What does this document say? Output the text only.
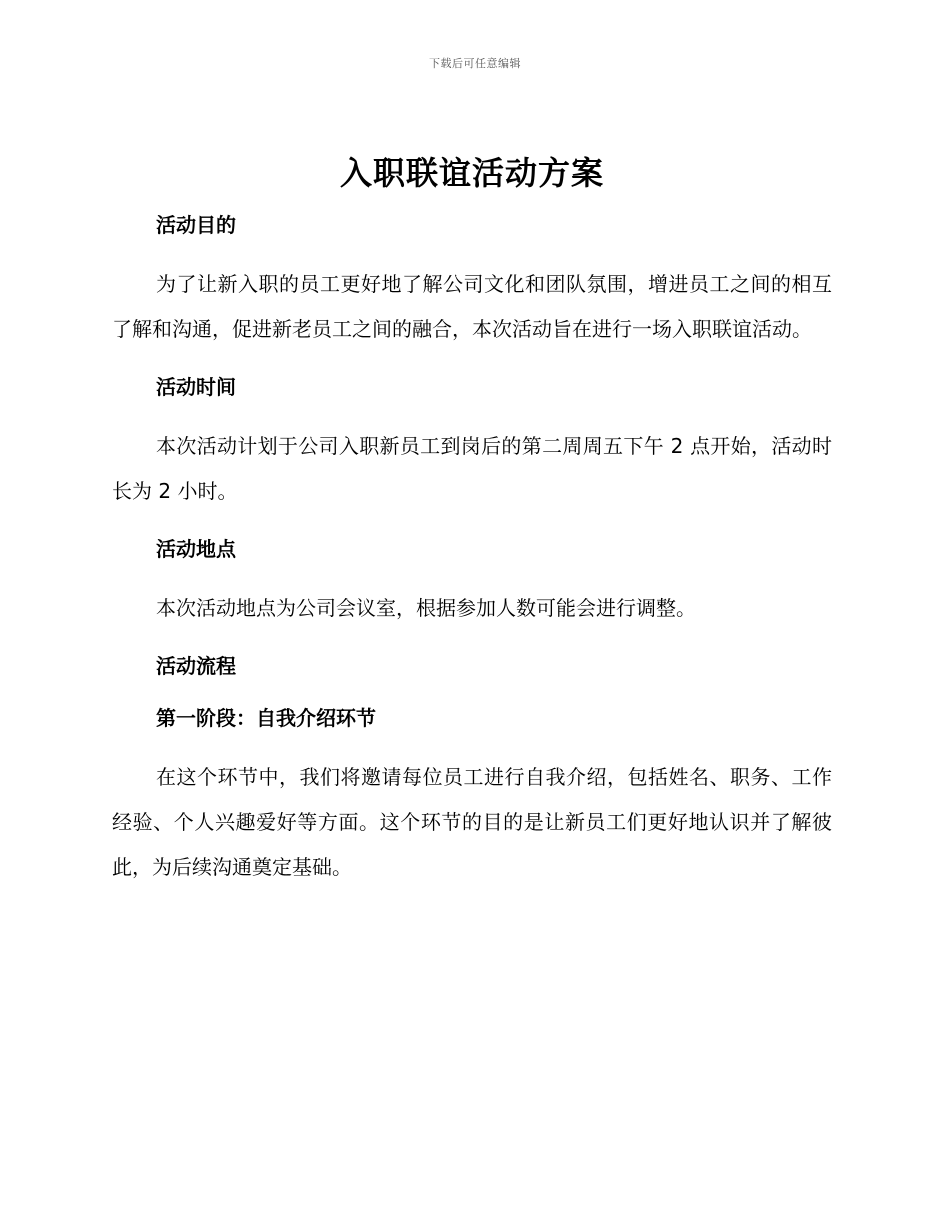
下载后可任意编辑
入职联谊活动方案
活动目的

为了让新入职的员工更好地了解公司文化和团队氛围，增进员工之间的相互了解和沟通，促进新老员工之间的融合，本次活动旨在进行一场入职联谊活动。

活动时间

本次活动计划于公司入职新员工到岗后的第二周周五下午 2 点开始，活动时长为 2 小时。

活动地点

本次活动地点为公司会议室，根据参加人数可能会进行调整。

活动流程
第一阶段：自我介绍环节

在这个环节中，我们将邀请每位员工进行自我介绍，包括姓名、职务、工作经验、个人兴趣爱好等方面。这个环节的目的是让新员工们更好地认识并了解彼此，为后续沟通奠定基础。
